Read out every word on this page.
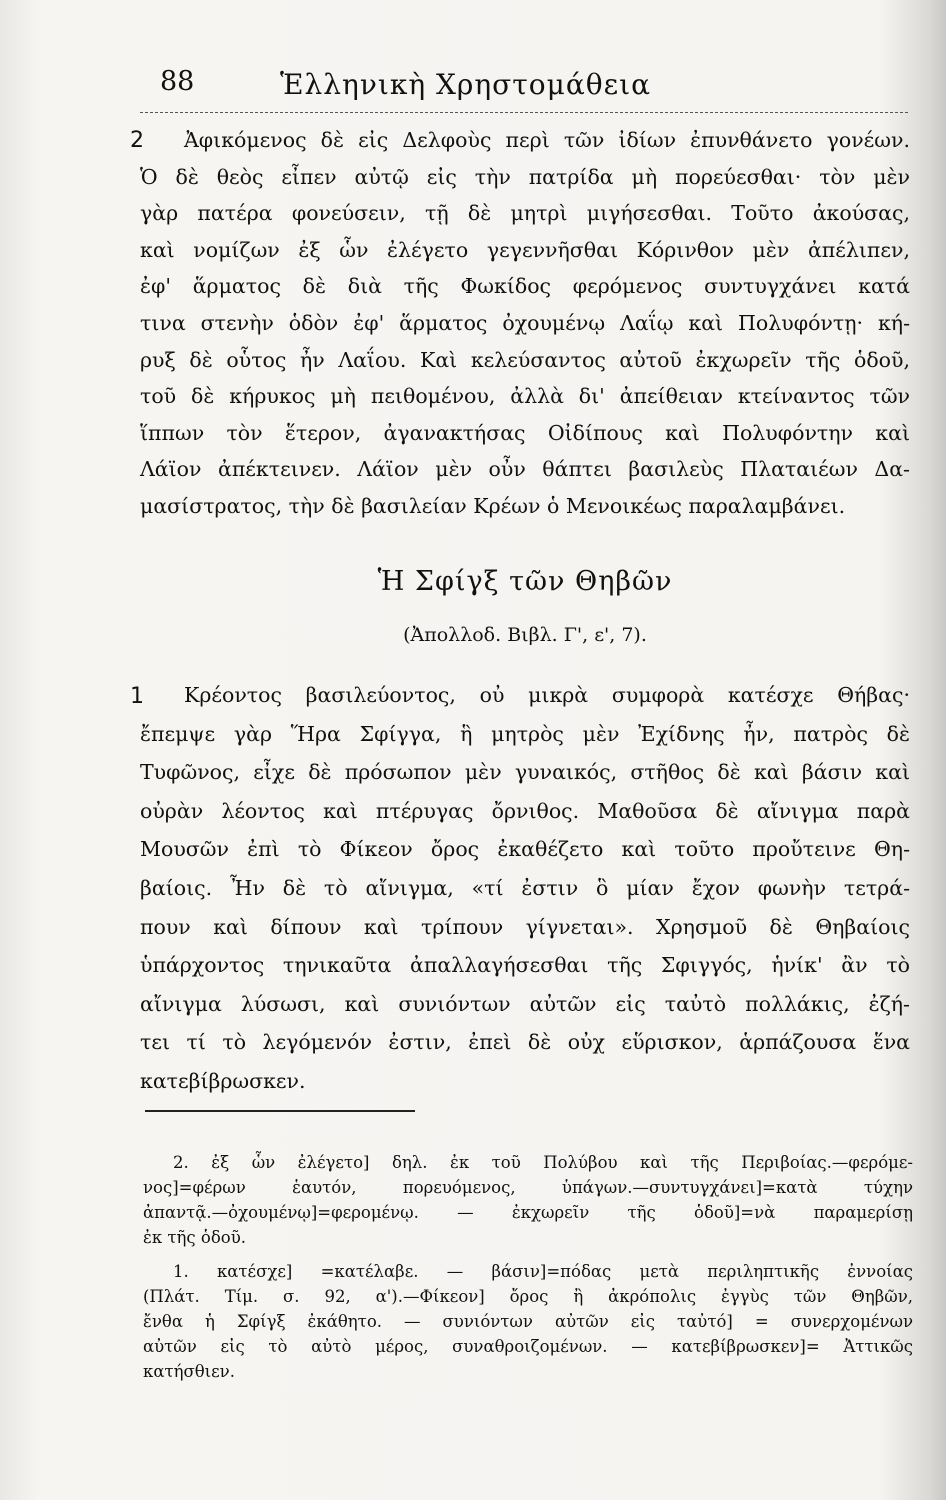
88	Ἑλληνικὴ Χρηστομάθεια
2	Ἀφικόμενος δὲ εἰς Δελφοὺς περὶ τῶν ἰδίων ἐπυνθάνετο γονέων.
Ὁ δὲ θεὸς εἶπεν αὐτῷ εἰς τὴν πατρίδα μὴ πορεύεσθαι· τὸν μὲν
γὰρ πατέρα φονεύσειν, τῇ δὲ μητρὶ μιγήσεσθαι. Τοῦτο ἀκούσας,
καὶ νομίζων ἐξ ὧν ἐλέγετο γεγεννῆσθαι Κόρινθον μὲν ἀπέλιπεν,
ἐφ' ἅρματος δὲ διὰ τῆς Φωκίδος φερόμενος συντυγχάνει κατά
τινα στενὴν ὁδὸν ἐφ' ἅρματος ὀχουμένῳ Λαΐῳ καὶ Πολυφόντῃ· κή-
ρυξ δὲ οὗτος ἦν Λαΐου. Καὶ κελεύσαντος αὐτοῦ ἐκχωρεῖν τῆς ὁδοῦ,
τοῦ δὲ κήρυκος μὴ πειθομένου, ἀλλὰ δι' ἀπείθειαν κτείναντος τῶν
ἵππων τὸν ἕτερον, ἀγανακτήσας Οἰδίπους καὶ Πολυφόντην καὶ
Λάϊον ἀπέκτεινεν. Λάϊον μὲν οὖν θάπτει βασιλεὺς Πλαταιέων Δα-
μασίστρατος, τὴν δὲ βασιλείαν Κρέων ὁ Μενοικέως παραλαμβάνει.
Ἡ Σφίγξ τῶν Θηβῶν
(Ἀπολλοδ. Βιβλ. Γ', ε', 7).
1	Κρέοντος βασιλεύοντος, οὐ μικρὰ συμφορὰ κατέσχε Θήβας·
ἔπεμψε γὰρ Ἥρα Σφίγγα, ἣ μητρὸς μὲν Ἐχίδνης ἦν, πατρὸς δὲ
Τυφῶνος, εἶχε δὲ πρόσωπον μὲν γυναικός, στῆθος δὲ καὶ βάσιν καὶ
οὐρὰν λέοντος καὶ πτέρυγας ὄρνιθος. Μαθοῦσα δὲ αἴνιγμα παρὰ
Μουσῶν ἐπὶ τὸ Φίκεον ὄρος ἐκαθέζετο καὶ τοῦτο προὔτεινε Θη-
βαίοις. Ἦν δὲ τὸ αἴνιγμα, «τί ἐστιν ὃ μίαν ἔχον φωνὴν τετρά-
πουν καὶ δίπουν καὶ τρίπουν γίγνεται». Χρησμοῦ δὲ Θηβαίοις
ὑπάρχοντος τηνικαῦτα ἀπαλλαγήσεσθαι τῆς Σφιγγός, ἡνίκ' ἂν τὸ
αἴνιγμα λύσωσι, καὶ συνιόντων αὐτῶν εἰς ταὐτὸ πολλάκις, ἐζή-
τει τί τὸ λεγόμενόν ἐστιν, ἐπεὶ δὲ οὐχ εὕρισκον, ἁρπάζουσα ἕνα
κατεβίβρωσκεν.
2. ἐξ ὧν ἐλέγετο] δηλ. ἐκ τοῦ Πολύβου καὶ τῆς Περιβοίας.—φερόμε-
νος]=φέρων ἑαυτόν, πορευόμενος, ὑπάγων.—συντυγχάνει]=κατὰ τύχην
ἀπαντᾷ.—ὀχουμένῳ]=φερομένῳ. — ἐκχωρεῖν τῆς ὁδοῦ]=νὰ παραμερίσῃ
ἐκ τῆς ὁδοῦ.
1. κατέσχε] =κατέλαβε. — βάσιν]=πόδας μετὰ περιληπτικῆς ἐννοίας
(Πλάτ. Τίμ. σ. 92, α').—Φίκεον] ὄρος ἢ ἀκρόπολις ἐγγὺς τῶν Θηβῶν,
ἔνθα ἡ Σφίγξ ἐκάθητο. — συνιόντων αὐτῶν εἰς ταὐτό] = συνερχομένων
αὐτῶν εἰς τὸ αὐτὸ μέρος, συναθροιζομένων. — κατεβίβρωσκεν]= Ἀττικῶς
κατήσθιεν.
